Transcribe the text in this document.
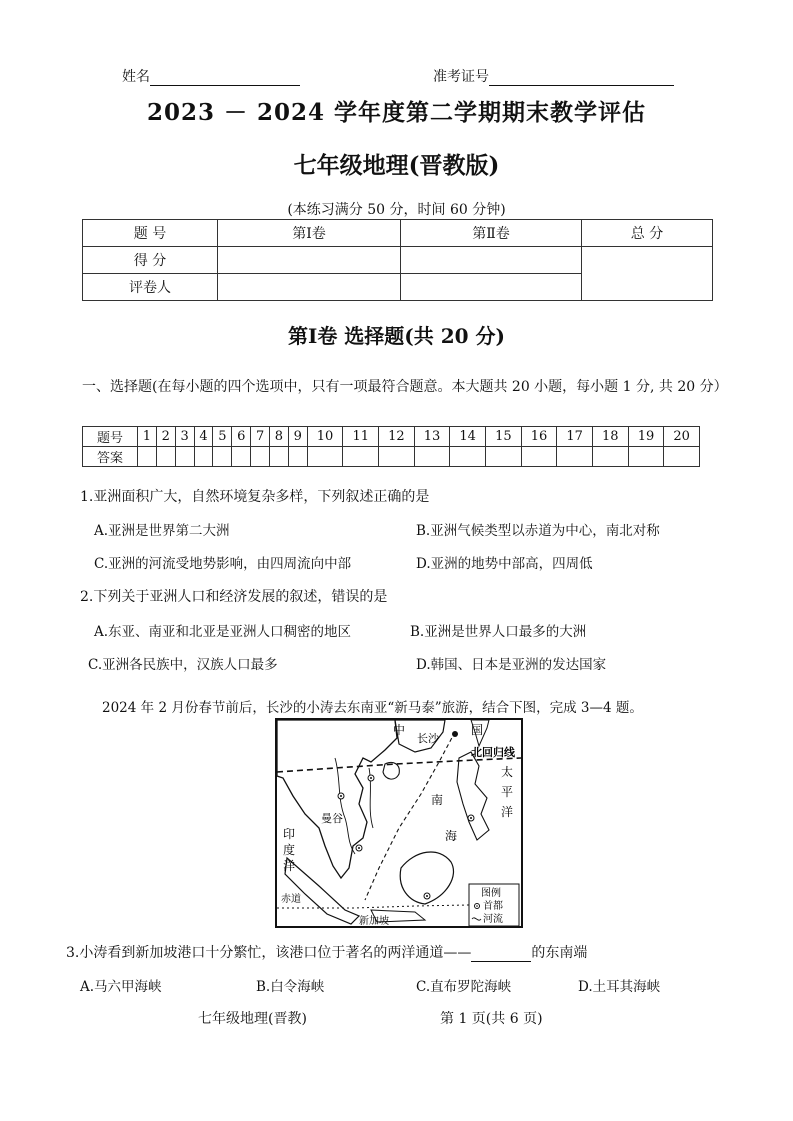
姓名	准考证号
2023 － 2024 学年度第二学期期末教学评估
七年级地理(晋教版)
(本练习满分 50 分，时间 60 分钟)
题 号	第Ⅰ卷	第Ⅱ卷	总 分
得 分			
评卷人			
第Ⅰ卷 选择题(共 20 分)
一、选择题(在每小题的四个选项中，只有一项最符合题意。本大题共 20 小题，每小题 1 分, 共 20 分）
题号	1	2	3	4	5	6	7	8	9	10	11	12	13	14	15	16	17	18	19	20
答案																				
1.亚洲面积广大，自然环境复杂多样，下列叙述正确的是
A.亚洲是世界第二大洲	B.亚洲气候类型以赤道为中心，南北对称
C.亚洲的河流受地势影响，由四周流向中部	D.亚洲的地势中部高，四周低
2.下列关于亚洲人口和经济发展的叙述，错误的是
A.东亚、南亚和北亚是亚洲人口稠密的地区	B.亚洲是世界人口最多的大洲
C.亚洲各民族中，汉族人口最多	D.韩国、日本是亚洲的发达国家
2024 年 2 月份春节前后，长沙的小涛去东南亚“新马泰”旅游，结合下图，完成 3—4 题。
中	国
长沙
北回归线
太
平
洋
南
海
曼谷
印
度
洋
赤道
新加坡
图例
首都
河流
3.小涛看到新加坡港口十分繁忙，该港口位于著名的两洋通道——	的东南端
A.马六甲海峡	B.白令海峡	C.直布罗陀海峡	D.土耳其海峡
七年级地理(晋教)	第 1 页(共 6 页)
